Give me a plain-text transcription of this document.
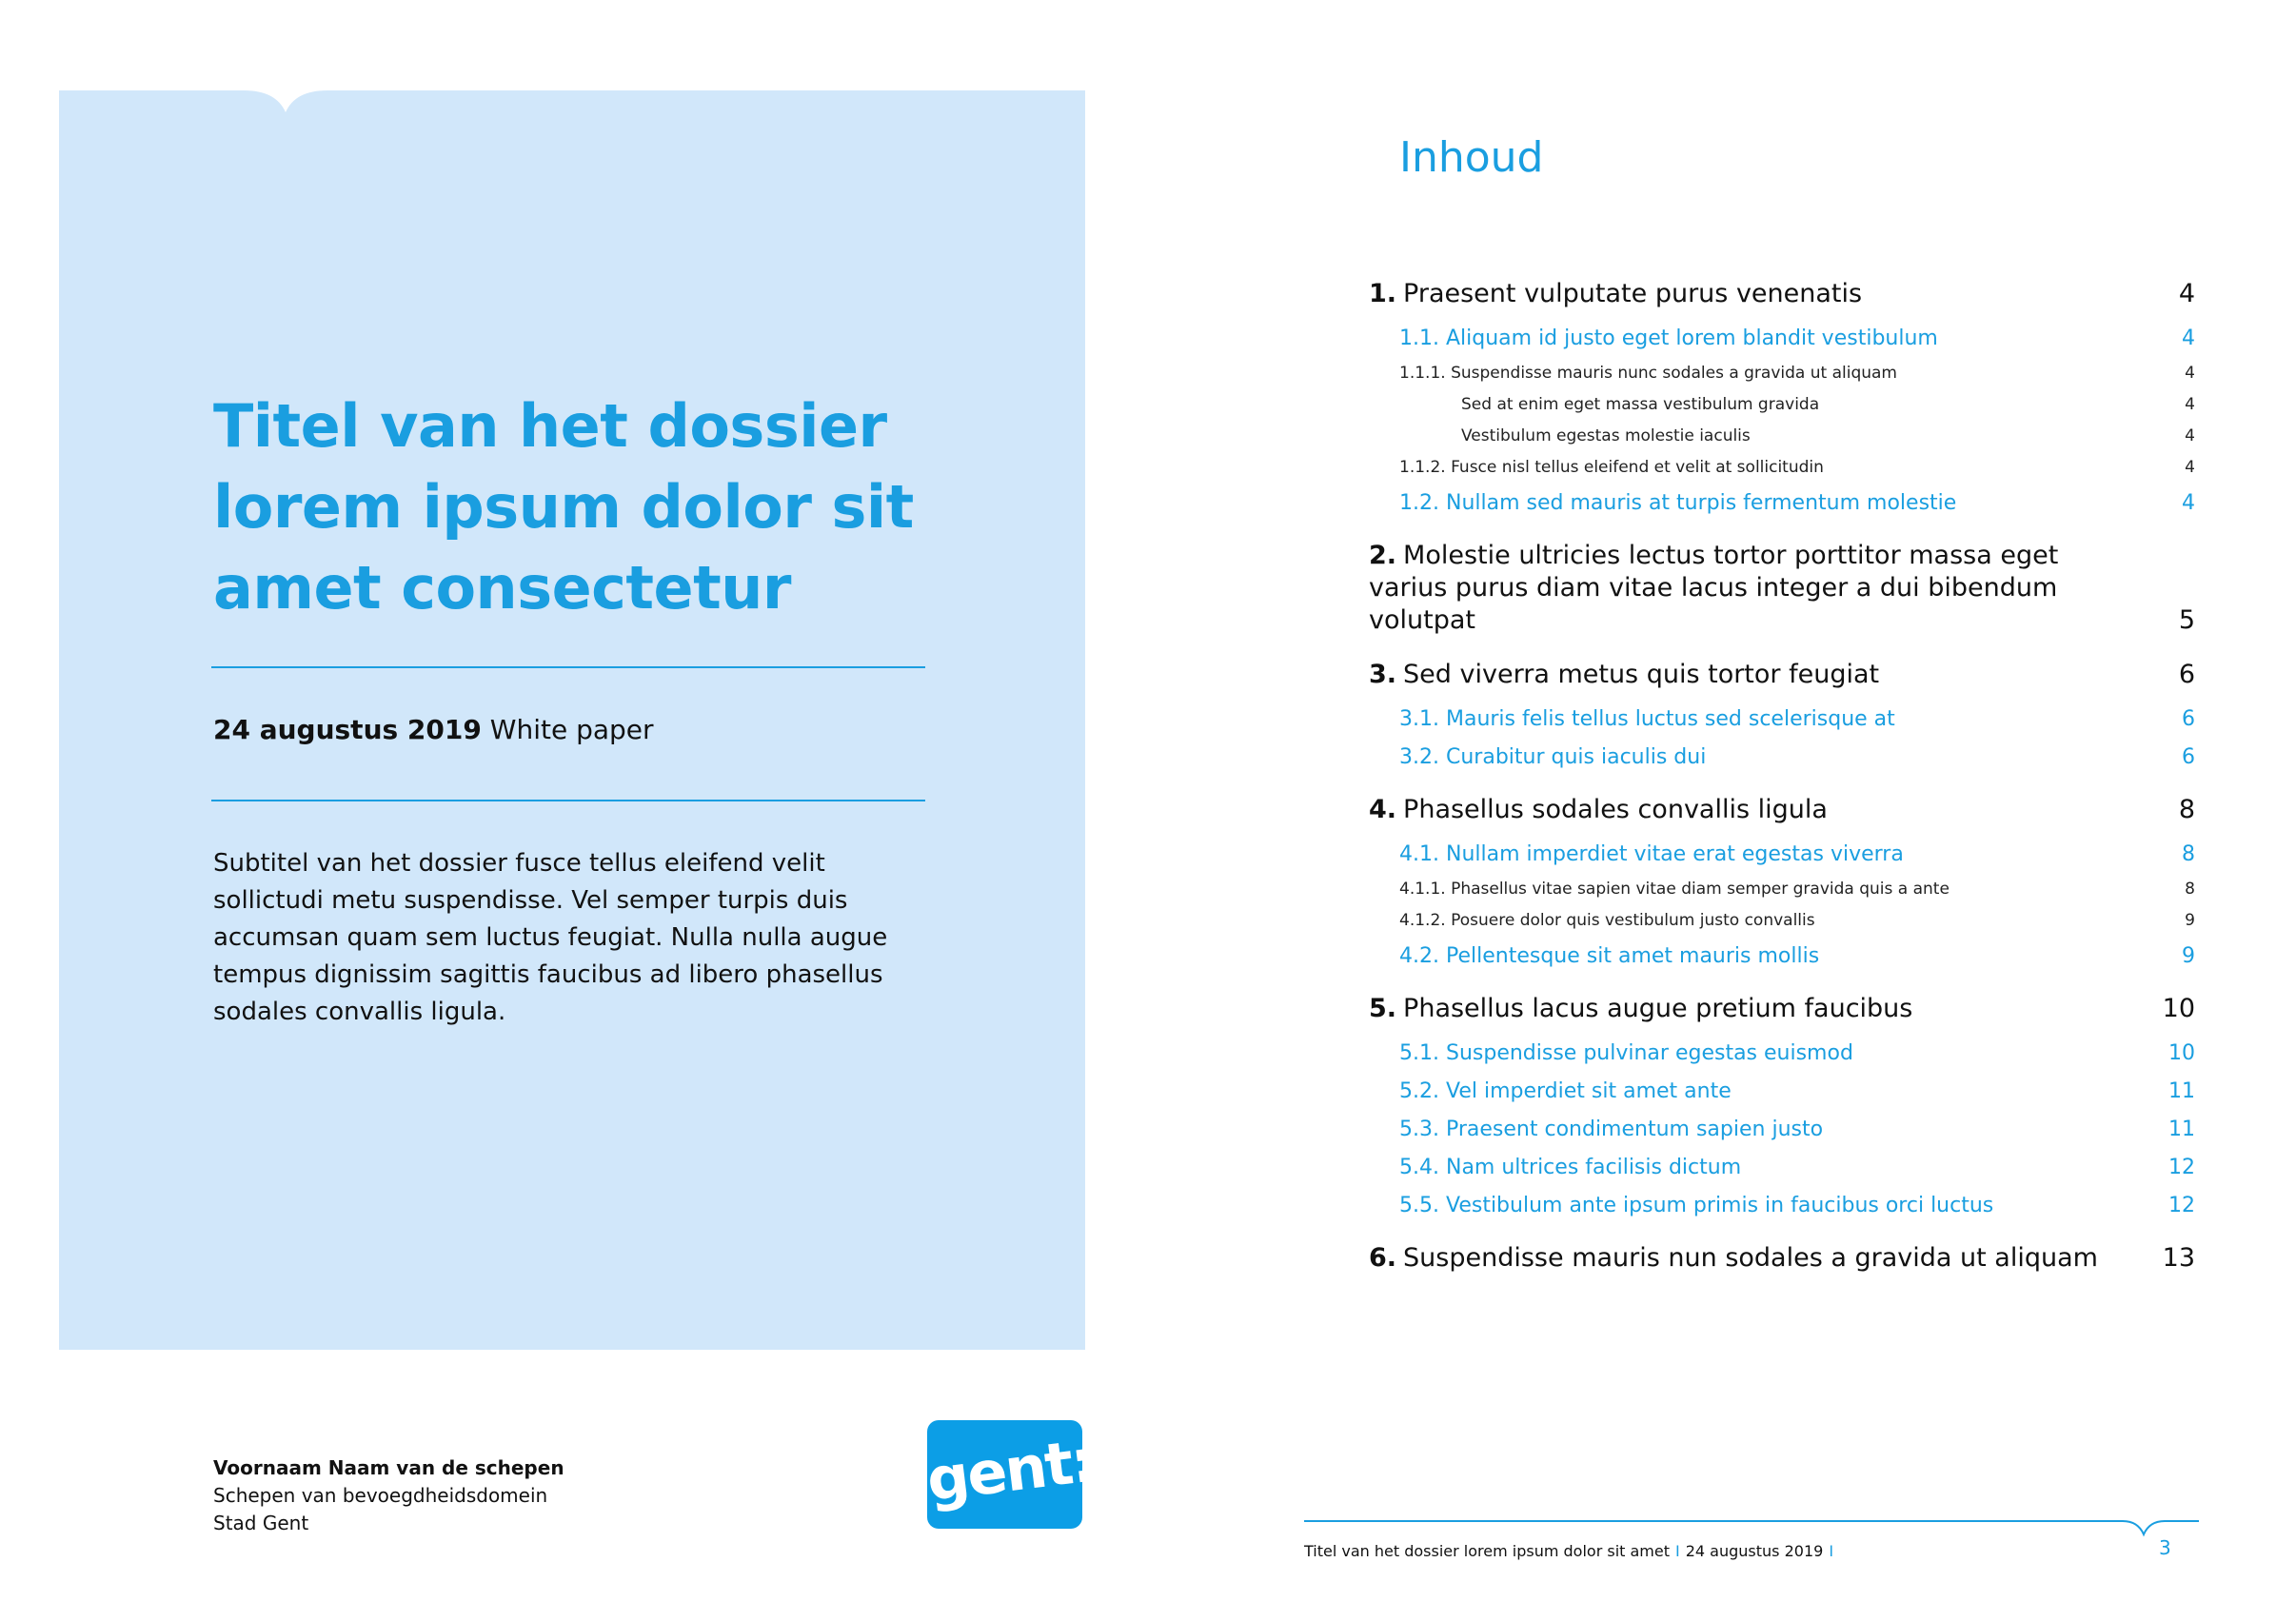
Titel van het dossier lorem ipsum dolor sit amet consectetur
24 augustus 2019 White paper

Subtitel van het dossier fusce tellus eleifend velit sollictudi metu suspendisse. Vel semper turpis duis accumsan quam sem luctus feugiat. Nulla nulla augue tempus dignissim sagittis faucibus ad libero phasellus sodales convallis ligula.

Voornaam Naam van de schepen
Schepen van bevoegdheidsdomein
Stad Gent
gent:
Inhoud
1. Praesent vulputate purus venenatis	4
1.1. Aliquam id justo eget lorem blandit vestibulum	4
1.1.1. Suspendisse mauris nunc sodales a gravida ut aliquam	4
Sed at enim eget massa vestibulum gravida	4
Vestibulum egestas molestie iaculis	4
1.1.2. Fusce nisl tellus eleifend et velit at sollicitudin	4
1.2. Nullam sed mauris at turpis fermentum molestie	4
2. Molestie ultricies lectus tortor porttitor massa eget varius purus diam vitae lacus integer a dui bibendum volutpat	5
3. Sed viverra metus quis tortor feugiat	6
3.1. Mauris felis tellus luctus sed scelerisque at	6
3.2. Curabitur quis iaculis dui	6
4. Phasellus sodales convallis ligula	8
4.1. Nullam imperdiet vitae erat egestas viverra	8
4.1.1. Phasellus vitae sapien vitae diam semper gravida quis a ante	8
4.1.2. Posuere dolor quis vestibulum justo convallis	9
4.2. Pellentesque sit amet mauris mollis	9
5. Phasellus lacus augue pretium faucibus	10
5.1. Suspendisse pulvinar egestas euismod	10
5.2. Vel imperdiet sit amet ante	11
5.3. Praesent condimentum sapien justo	11
5.4. Nam ultrices facilisis dictum	12
5.5. Vestibulum ante ipsum primis in faucibus orci luctus	12
6. Suspendisse mauris nun sodales a gravida ut aliquam	13
Titel van het dossier lorem ipsum dolor sit amet I 24 augustus 2019 I	3
